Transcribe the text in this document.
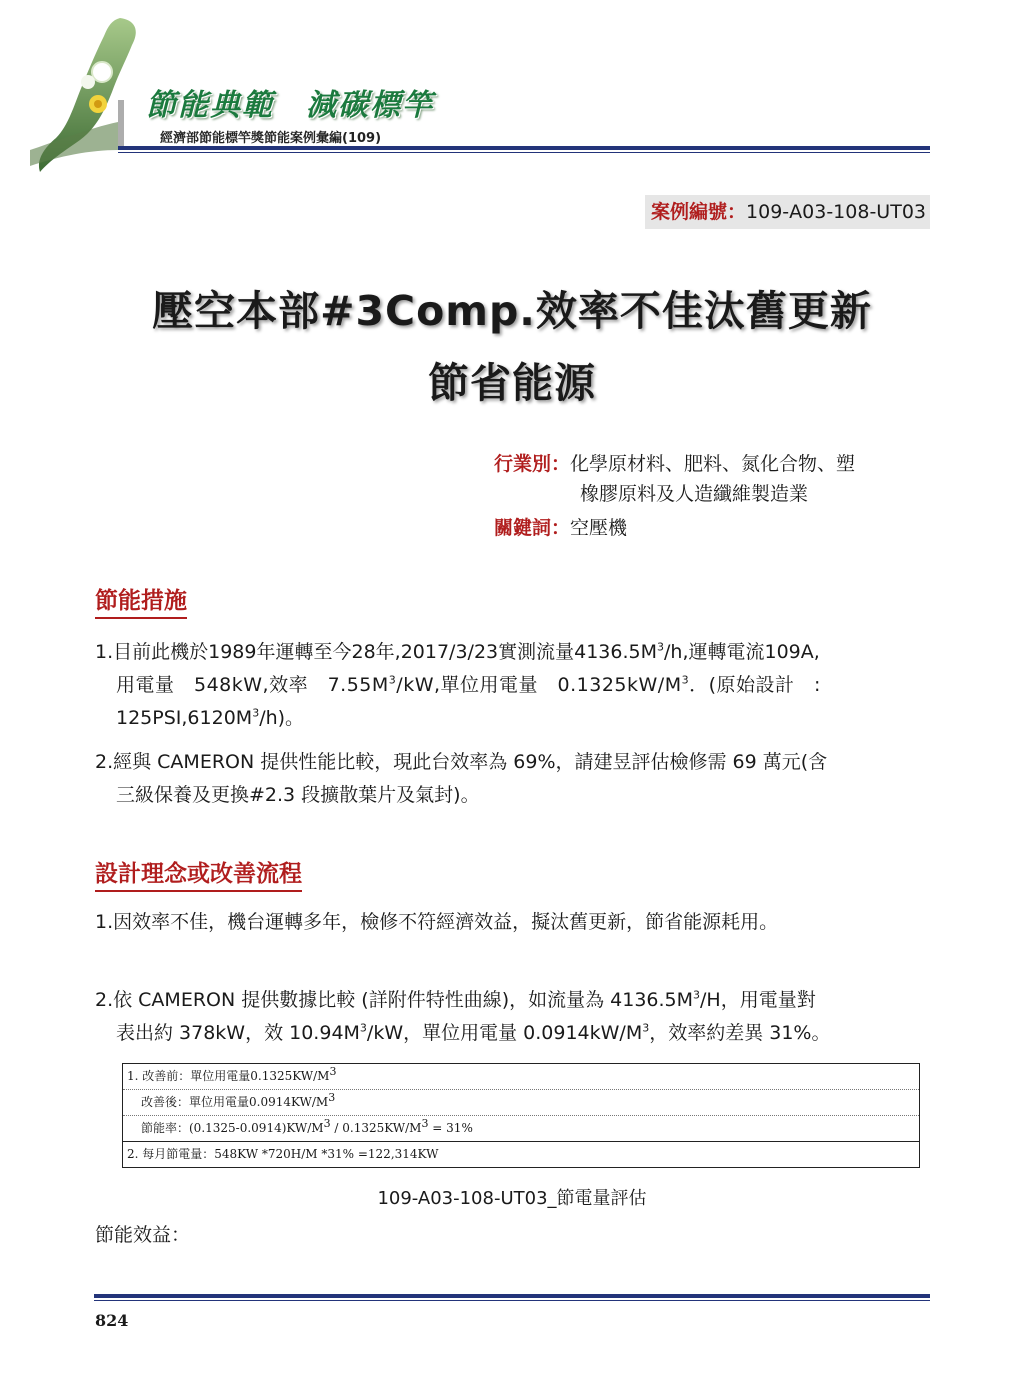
節能典範　減碳標竿
經濟部節能標竿獎節能案例彙編(109)
案例編號：109-A03-108-UT03
壓空本部#3Comp.效率不佳汰舊更新
節省能源
行業別：化學原材料、肥料、氮化合物、塑
橡膠原料及人造纖維製造業
關鍵詞：空壓機
節能措施

1.目前此機於1989年運轉至今28年,2017/3/23實測流量$4136.5M^3/h$,運轉電流109A,
用電量　548kW,效率　$7.55M^3/kW$,單位用電量　$0.1325kW/M^3$．(原始設計　:
$125PSI,6120M^3/h$)。

2.經與 CAMERON 提供性能比較，現此台效率為 69%，請建昱評估檢修需 69 萬元(含
三級保養及更換#2.3 段擴散葉片及氣封)。

設計理念或改善流程

1.因效率不佳，機台運轉多年，檢修不符經濟效益，擬汰舊更新，節省能源耗用。

2.依 CAMERON 提供數據比較 (詳附件特性曲線)，如流量為 $4136.5M^3/H$，用電量對
表出約 378kW，效 $10.94M^3/kW$，單位用電量 $0.0914kW/M^3$，效率約差異 31%。

1. 改善前：單位用電量$0.1325KW/M^3$
改善後：單位用電量$0.0914KW/M^3$
節能率：$(0.1325-0.0914)KW/M^3 / 0.1325KW/M^3 = 31\%$
2. 每月節電量：548KW *720H/M *31% =122,314KW
109-A03-108-UT03_節電量評估
節能效益：
824
